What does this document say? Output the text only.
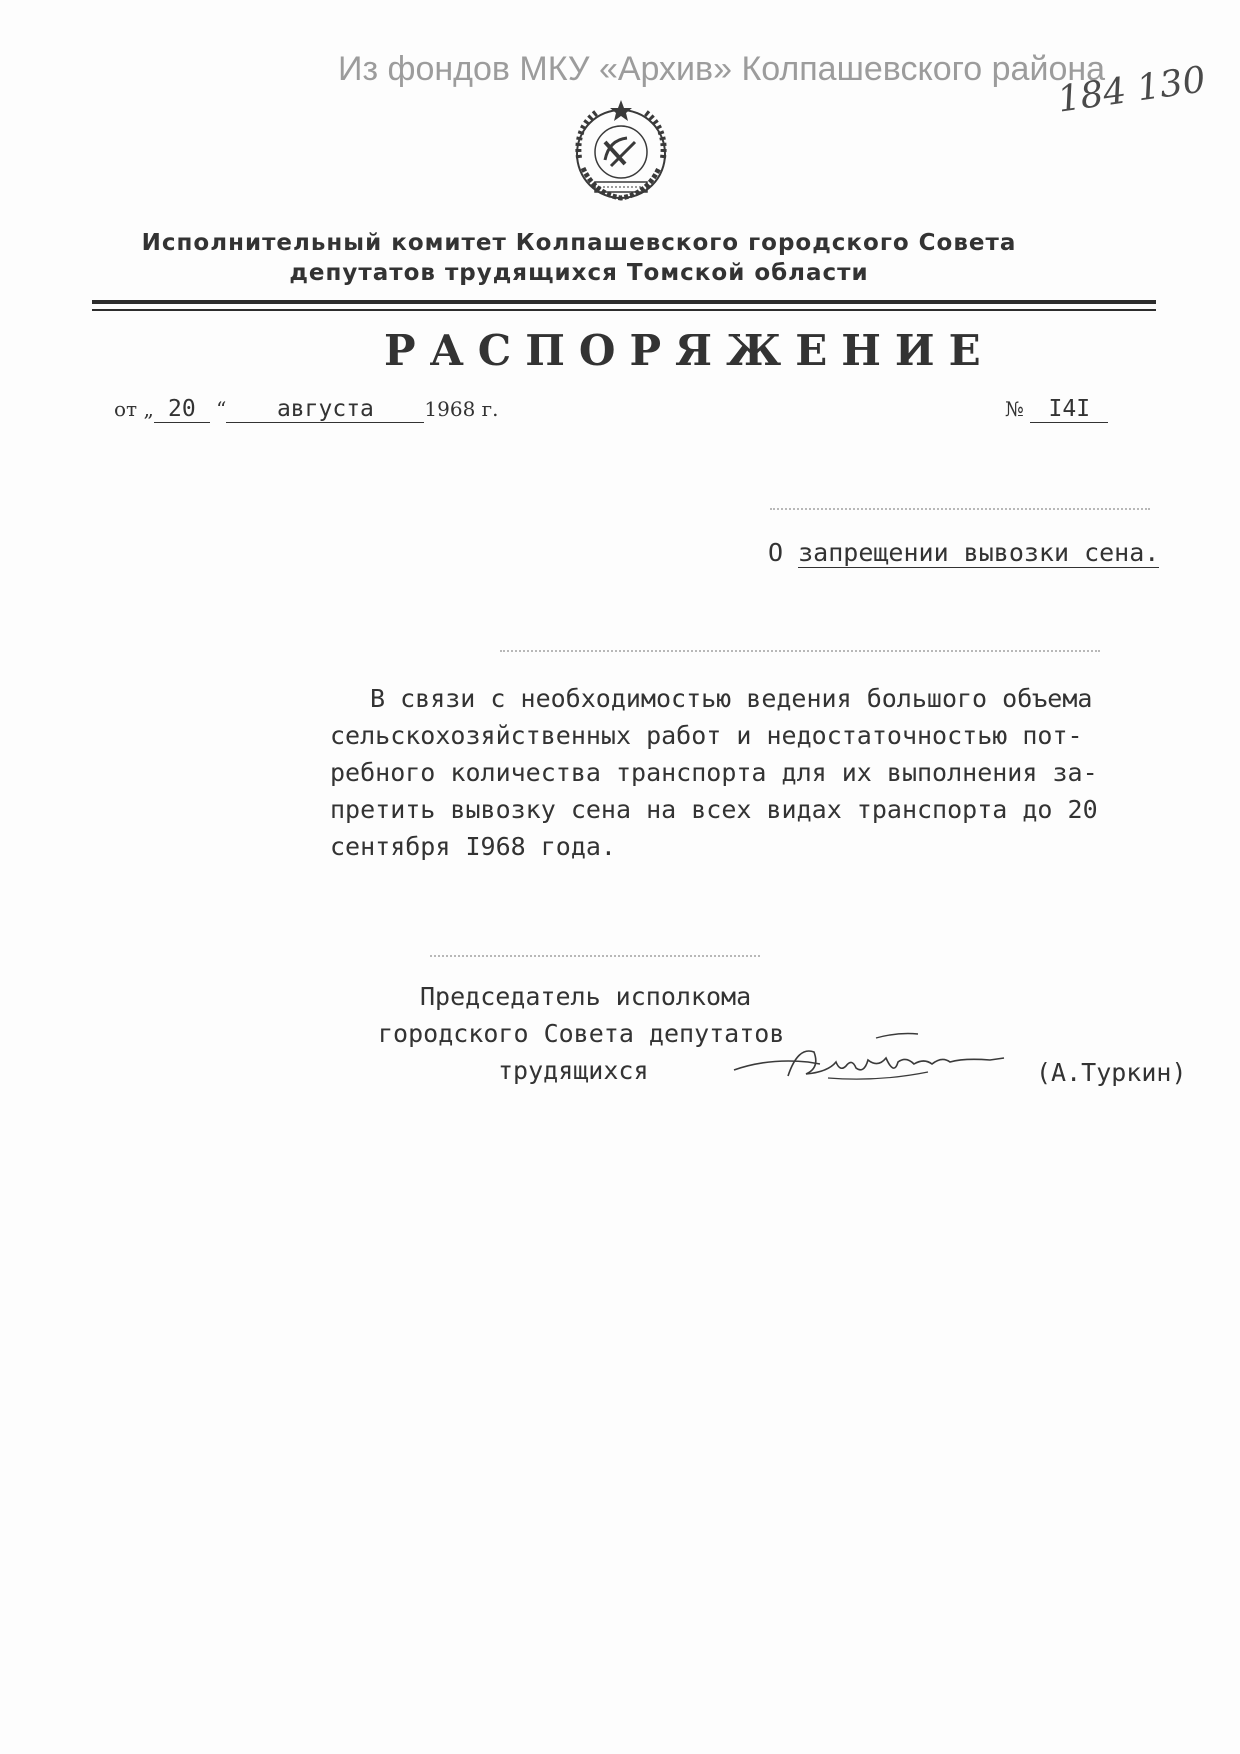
Из фондов МКУ «Архив» Колпашевского района
184 130
Исполнительный комитет Колпашевского городского Совета
депутатов трудящихся Томской области
РАСПОРЯЖЕНИЕ
от „ 20 “ августа	1968 г.	№ I4I
О запрещении вывозки сена.
В связи с необходимостью ведения большого объема
сельскохозяйственных работ и недостаточностью пот-
ребного количества транспорта для их выполнения за-
претить вывозку сена на всех видах транспорта до 20
сентября I968 года.
Председатель исполкома
городского Совета депутатов
трудящихся	(А.Туркин)
